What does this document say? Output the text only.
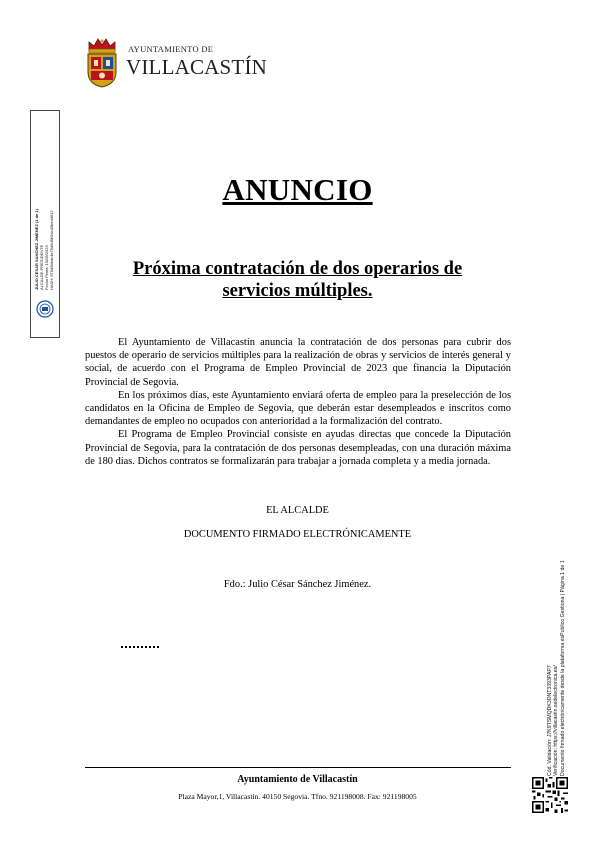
AYUNTAMIENTO DE
VILLACASTÍN
JULIO CESAR SANCHEZ JIMENEZ (1 de 1) ALCALDE-PRESIDENTE Fecha Firma: 15/05/2023 HASH: 676d5bbdc4e75d6d5b5acd3bed4612
ANUNCIO
Próxima contratación de dos operarios de servicios múltiples.

El Ayuntamiento de Villacastín anuncia la contratación de dos personas para cubrir dos puestos de operario de servicios múltiples para la realización de obras y servicios de interés general y social, de acuerdo con el Programa de Empleo Provincial de 2023 que financia la Diputación Provincial de Segovia.

En los próximos días, este Ayuntamiento enviará oferta de empleo para la preselección de los candidatos en la Oficina de Empleo de Segovia, que deberán estar desempleados e inscritos como demandantes de empleo no ocupados con anterioridad a la formalización del contrato.

El Programa de Empleo Provincial consiste en ayudas directas que concede la Diputación Provincial de Segovia, para la contratación de dos personas desempleadas, con una duración máxima de 180 días. Dichos contratos se formalizarán para trabajar a jornada completa y a media jornada.

EL ALCALDE
DOCUMENTO FIRMADO ELECTRÓNICAMENTE
Fdo.: Julio César Sánchez Jiménez.
Ayuntamiento de Villacastín
Plaza Mayor,1, Villacastín. 40150 Segovia. Tfno. 921198008. Fax: 921198005
Cód. Validación: J7K9TSMQDK3DNT3393PAP7 Verificación: https://villacastin.sedelectronica.es/ Documento firmado electrónicamente desde la plataforma esPublico Gestiona | Página 1 de 1
